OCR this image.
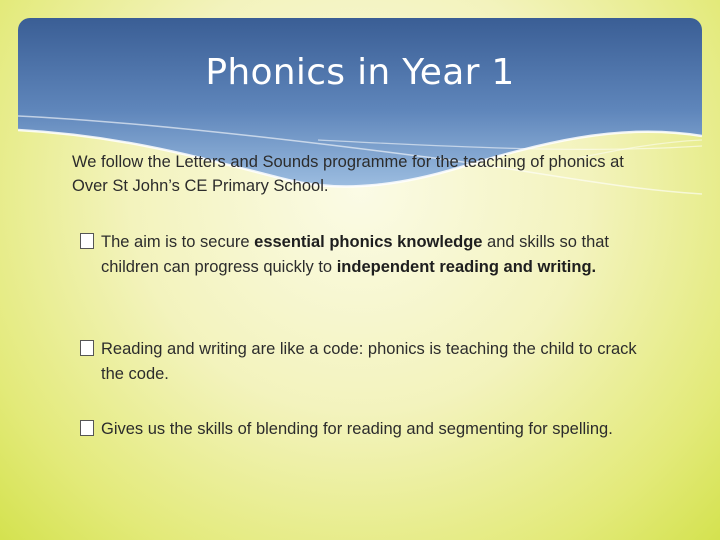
Phonics in Year 1
We follow the Letters and Sounds programme for the teaching of phonics at Over St John’s CE Primary School.
The aim is to secure essential phonics knowledge and skills so that children can progress quickly to independent reading and writing.
Reading and writing are like a code: phonics is teaching the child to crack the code.
Gives us the skills of blending for reading and segmenting for spelling.
